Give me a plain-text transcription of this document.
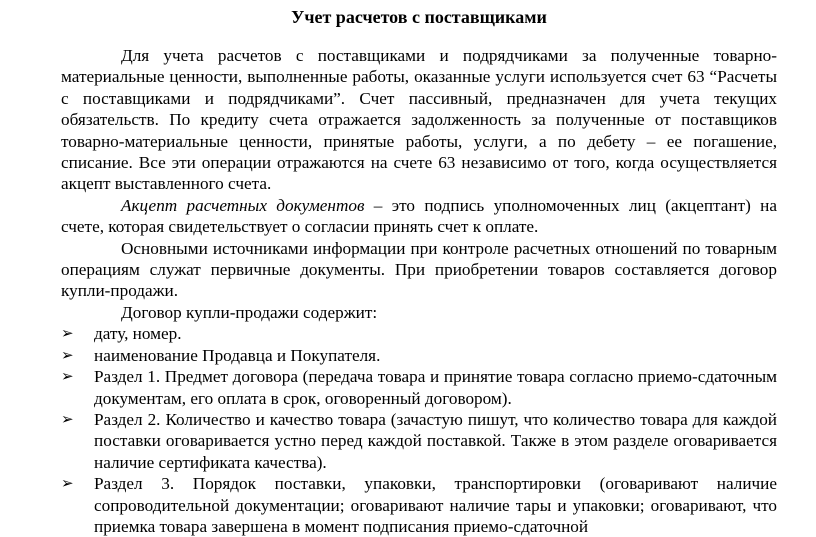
Учет расчетов с поставщиками

Для учета расчетов с поставщиками и подрядчиками за полученные товарно-материальные ценности, выполненные работы, оказанные услуги используется счет 63 “Расчеты с поставщиками и подрядчиками”. Счет пассивный, предназначен для учета текущих обязательств. По кредиту счета отражается задолженность за полученные от поставщиков товарно-материальные ценности, принятые работы, услуги, а по дебету – ее погашение, списание. Все эти операции отражаются на счете 63 независимо от того, когда осуществляется акцепт выставленного счета.

Акцепт расчетных документов – это подпись уполномоченных лиц (акцептант) на счете, которая свидетельствует о согласии принять счет к оплате.

Основными источниками информации при контроле расчетных отношений по товарным операциям служат первичные документы. При приобретении товаров составляется договор купли-продажи.

Договор купли-продажи содержит:

➢ дату, номер.
➢ наименование Продавца и Покупателя.
➢ Раздел 1. Предмет договора (передача товара и принятие товара согласно приемо-сдаточным документам, его оплата в срок, оговоренный договором).
➢ Раздел 2. Количество и качество товара (зачастую пишут, что количество товара для каждой поставки оговаривается устно перед каждой поставкой. Также в этом разделе оговаривается наличие сертификата качества).
➢ Раздел 3. Порядок поставки, упаковки, транспортировки (оговаривают наличие сопроводительной документации; оговаривают наличие тары и упаковки; оговаривают, что приемка товара завершена в момент подписания приемо-сдаточной
